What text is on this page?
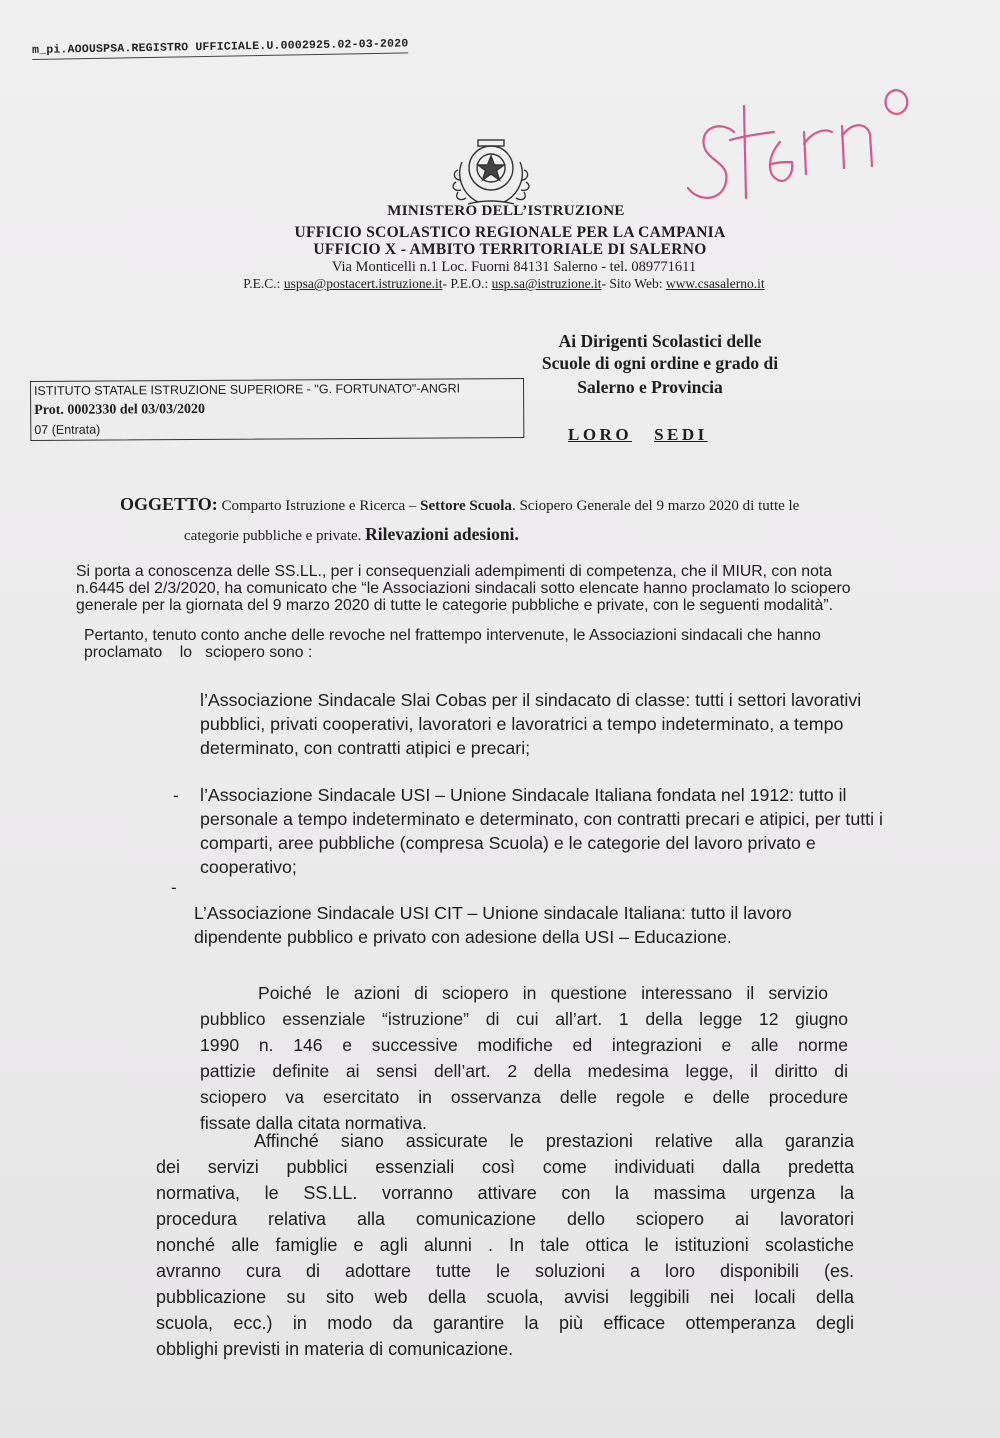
m_pi.AOOUSPSA.REGISTRO UFFICIALE.U.0002925.02-03-2020
MINISTERO DELL’ISTRUZIONE
UFFICIO SCOLASTICO REGIONALE PER LA CAMPANIA
UFFICIO X - AMBITO TERRITORIALE DI SALERNO
Via Monticelli n.1 Loc. Fuorni 84131 Salerno - tel. 089771611
P.E.C.: uspsa@postacert.istruzione.it- P.E.O.: usp.sa@istruzione.it- Sito Web: www.csasalerno.it
Ai Dirigenti Scolastici delle
Scuole di ogni ordine e grado di
Salerno e Provincia
LORO SEDI
ISTITUTO STATALE ISTRUZIONE SUPERIORE - "G. FORTUNATO"-ANGRI
Prot. 0002330 del 03/03/2020
07 (Entrata)
OGGETTO: Comparto Istruzione e Ricerca – Settore Scuola. Sciopero Generale del 9 marzo 2020 di tutte le
categorie pubbliche e private. Rilevazioni adesioni.
Si porta a conoscenza delle SS.LL., per i consequenziali adempimenti di competenza, che il MIUR, con nota
n.6445 del 2/3/2020, ha comunicato che “le Associazioni sindacali sotto elencate hanno proclamato lo sciopero
generale per la giornata del 9 marzo 2020 di tutte le categorie pubbliche e private, con le seguenti modalità”.
Pertanto, tenuto conto anche delle revoche nel frattempo intervenute, le Associazioni sindacali che hanno
proclamato    lo   sciopero sono :
l’Associazione Sindacale Slai Cobas per il sindacato di classe: tutti i settori lavorativi
pubblici, privati cooperativi, lavoratori e lavoratrici a tempo indeterminato, a tempo
determinato, con contratti atipici e precari;
- l’Associazione Sindacale USI – Unione Sindacale Italiana fondata nel 1912: tutto il
personale a tempo indeterminato e determinato, con contratti precari e atipici, per tutti i
comparti, aree pubbliche (compresa Scuola) e le categorie del lavoro privato e
cooperativo;
-
L’Associazione Sindacale USI CIT – Unione sindacale Italiana: tutto il lavoro
dipendente pubblico e privato con adesione della USI – Educazione.
Poiché le azioni di sciopero in questione interessano il servizio
pubblico essenziale “istruzione” di cui all’art. 1 della legge 12 giugno
1990 n. 146 e successive modifiche ed integrazioni e alle norme
pattizie definite ai sensi dell’art. 2 della medesima legge, il diritto di
sciopero va esercitato in osservanza delle regole e delle procedure
fissate dalla citata normativa.
Affinché siano assicurate le prestazioni relative alla garanzia
dei servizi pubblici essenziali così come individuati dalla predetta
normativa, le SS.LL. vorranno attivare con la massima urgenza la
procedura relativa alla comunicazione dello sciopero ai lavoratori
nonché alle famiglie e agli alunni . In tale ottica le istituzioni scolastiche
avranno cura di adottare tutte le soluzioni a loro disponibili (es.
pubblicazione su sito web della scuola, avvisi leggibili nei locali della
scuola, ecc.) in modo da garantire la più efficace ottemperanza degli
obblighi previsti in materia di comunicazione.
